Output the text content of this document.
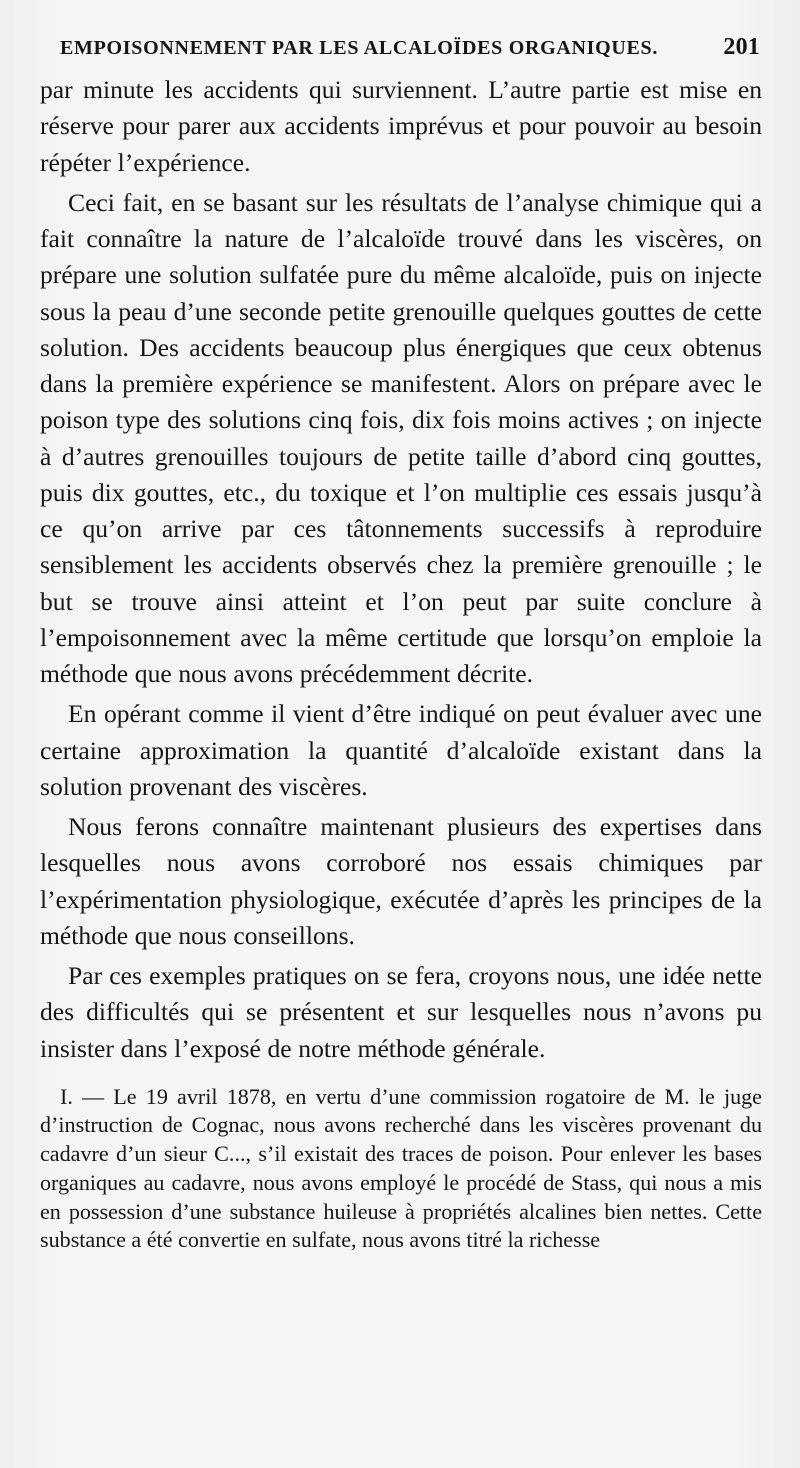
EMPOISONNEMENT PAR LES ALCALOÏDES ORGANIQUES.	201

par minute les accidents qui surviennent. L’autre partie est mise en réserve pour parer aux accidents imprévus et pour pouvoir au besoin répéter l’expérience.

Ceci fait, en se basant sur les résultats de l’analyse chimique qui a fait connaître la nature de l’alcaloïde trouvé dans les viscères, on prépare une solution sulfatée pure du même alcaloïde, puis on injecte sous la peau d’une seconde petite grenouille quelques gouttes de cette solution. Des accidents beaucoup plus énergiques que ceux obtenus dans la première expérience se manifestent. Alors on prépare avec le poison type des solutions cinq fois, dix fois moins actives ; on injecte à d’autres grenouilles toujours de petite taille d’abord cinq gouttes, puis dix gouttes, etc., du toxique et l’on multiplie ces essais jusqu’à ce qu’on arrive par ces tâtonnements successifs à reproduire sensiblement les accidents observés chez la première grenouille ; le but se trouve ainsi atteint et l’on peut par suite conclure à l’empoisonnement avec la même certitude que lorsqu’on emploie la méthode que nous avons précédemment décrite.

En opérant comme il vient d’être indiqué on peut évaluer avec une certaine approximation la quantité d’alcaloïde existant dans la solution provenant des viscères.

Nous ferons connaître maintenant plusieurs des expertises dans lesquelles nous avons corroboré nos essais chimiques par l’expérimentation physiologique, exécutée d’après les principes de la méthode que nous conseillons.

Par ces exemples pratiques on se fera, croyons nous, une idée nette des difficultés qui se présentent et sur lesquelles nous n’avons pu insister dans l’exposé de notre méthode générale.

I. — Le 19 avril 1878, en vertu d’une commission rogatoire de M. le juge d’instruction de Cognac, nous avons recherché dans les viscères provenant du cadavre d’un sieur C..., s’il existait des traces de poison. Pour enlever les bases organiques au cadavre, nous avons employé le procédé de Stass, qui nous a mis en possession d’une substance huileuse à propriétés alcalines bien nettes. Cette substance a été convertie en sulfate, nous avons titré la richesse
